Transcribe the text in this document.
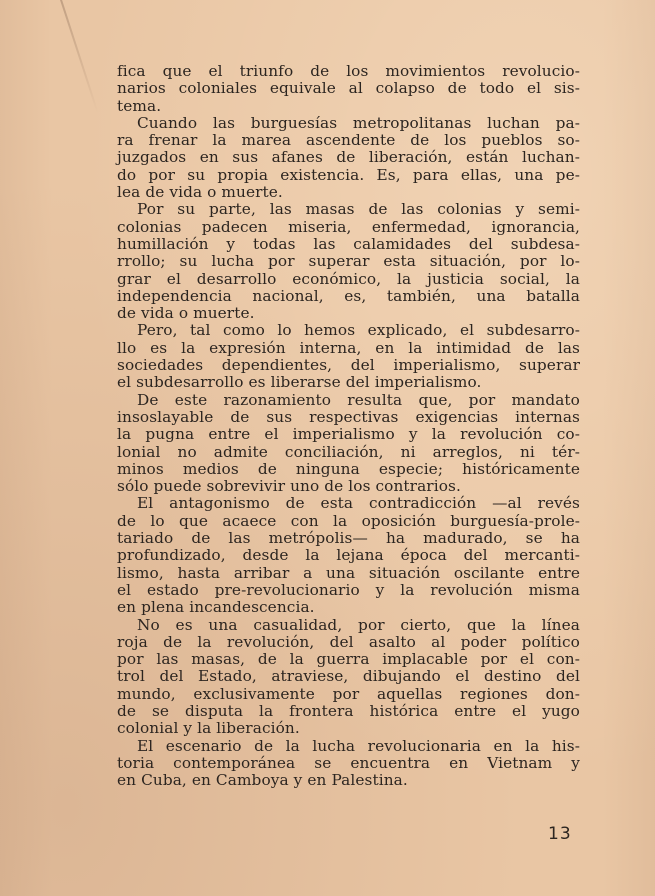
fica que el triunfo de los movimientos revolucio-
narios coloniales equivale al colapso de todo el sis-
tema.
Cuando las burguesías metropolitanas luchan pa-
ra frenar la marea ascendente de los pueblos so-
juzgados en sus afanes de liberación, están luchan-
do por su propia existencia. Es, para ellas, una pe-
lea de vida o muerte.
Por su parte, las masas de las colonias y semi-
colonias padecen miseria, enfermedad, ignorancia,
humillación y todas las calamidades del subdesa-
rrollo; su lucha por superar esta situación, por lo-
grar el desarrollo económico, la justicia social, la
independencia nacional, es, también, una batalla
de vida o muerte.
Pero, tal como lo hemos explicado, el subdesarro-
llo es la expresión interna, en la intimidad de las
sociedades dependientes, del imperialismo, superar
el subdesarrollo es liberarse del imperialismo.
De este razonamiento resulta que, por mandato
insoslayable de sus respectivas exigencias internas
la pugna entre el imperialismo y la revolución co-
lonial no admite conciliación, ni arreglos, ni tér-
minos medios de ninguna especie; históricamente
sólo puede sobrevivir uno de los contrarios.
El antagonismo de esta contradicción —al revés
de lo que acaece con la oposición burguesía-prole-
tariado de las metrópolis— ha madurado, se ha
profundizado, desde la lejana época del mercanti-
lismo, hasta arribar a una situación oscilante entre
el estado pre-revolucionario y la revolución misma
en plena incandescencia.
No es una casualidad, por cierto, que la línea
roja de la revolución, del asalto al poder político
por las masas, de la guerra implacable por el con-
trol del Estado, atraviese, dibujando el destino del
mundo, exclusivamente por aquellas regiones don-
de se disputa la frontera histórica entre el yugo
colonial y la liberación.
El escenario de la lucha revolucionaria en la his-
toria contemporánea se encuentra en Vietnam y
en Cuba, en Camboya y en Palestina.
13
